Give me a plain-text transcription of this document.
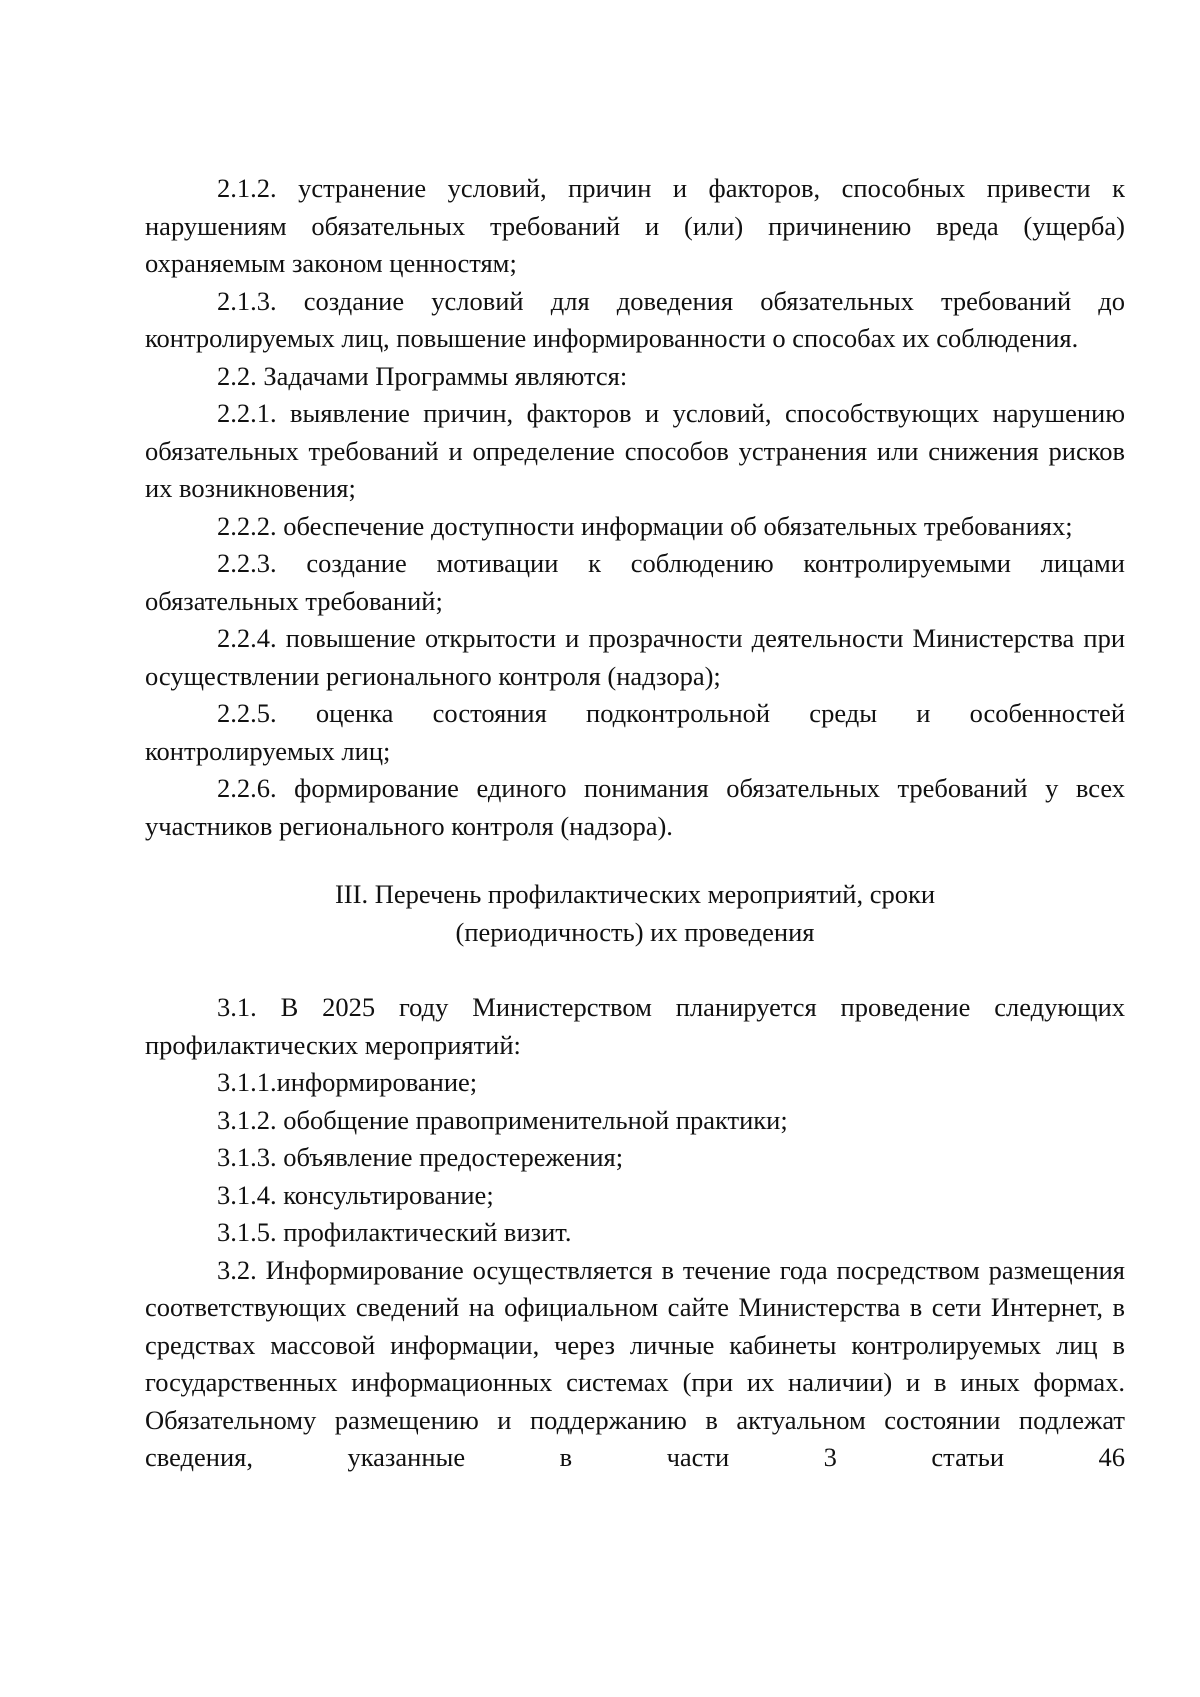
2.1.2. устранение условий, причин и факторов, способных привести к нарушениям обязательных требований и (или) причинению вреда (ущерба) охраняемым законом ценностям;

2.1.3. создание условий для доведения обязательных требований до контролируемых лиц, повышение информированности о способах их соблюдения.

2.2. Задачами Программы являются:

2.2.1. выявление причин, факторов и условий, способствующих нарушению обязательных требований и определение способов устранения или снижения рисков их возникновения;

2.2.2. обеспечение доступности информации об обязательных требованиях;

2.2.3. создание мотивации к соблюдению контролируемыми лицами обязательных требований;

2.2.4. повышение открытости и прозрачности деятельности Министерства при осуществлении регионального контроля (надзора);

2.2.5. оценка состояния подконтрольной среды и особенностей контролируемых лиц;

2.2.6. формирование единого понимания обязательных требований у всех участников регионального контроля (надзора).

III. Перечень профилактических мероприятий, сроки
(периодичность) их проведения

3.1. В 2025 году Министерством планируется проведение следующих профилактических мероприятий:

3.1.1.информирование;

3.1.2. обобщение правоприменительной практики;

3.1.3. объявление предостережения;

3.1.4. консультирование;

3.1.5. профилактический визит.

3.2. Информирование осуществляется в течение года посредством размещения соответствующих сведений на официальном сайте Министерства в сети Интернет, в средствах массовой информации, через личные кабинеты контролируемых лиц в государственных информационных системах (при их наличии) и в иных формах. Обязательному размещению и поддержанию в актуальном состоянии подлежат сведения, указанные в части 3 статьи 46
